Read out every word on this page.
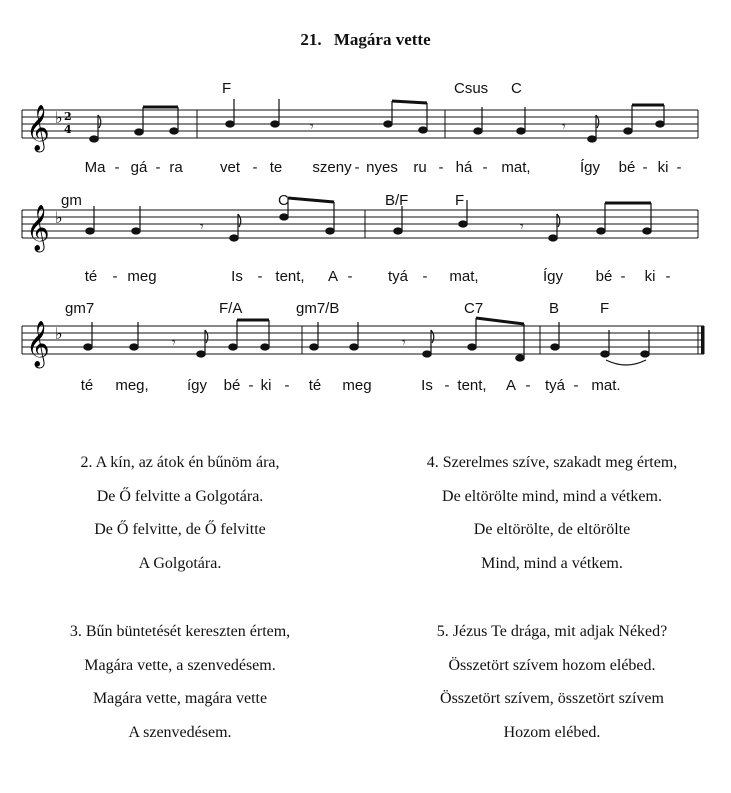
21. Magára vette
𝄞 ♭ 2
4	𝄾	𝄾
F	Csus C
Ma - gá - ra vet - te szeny - nyes ru - há - mat,	Így bé - ki -
𝄞 ♭
𝄾	𝄾
gm	C	B/F	F
té - meg	Is - tent, A - tyá - mat,	Így bé - ki -
𝄞 ♭
𝄾	𝄾
gm7	F/A	gm7/B	C7	B	F
té meg,	így bé - ki - té meg	Is - tent, A - tyá - mat.
2. A kín, az átok én bűnöm ára,
De Ő felvitte a Golgotára.
De Ő felvitte, de Ő felvitte
A Golgotára.
4. Szerelmes szíve, szakadt meg értem,
De eltörölte mind, mind a vétkem.
De eltörölte, de eltörölte
Mind, mind a vétkem.
3. Bűn büntetését kereszten értem,
Magára vette, a szenvedésem.
Magára vette, magára vette
A szenvedésem.
5. Jézus Te drága, mit adjak Néked?
Összetört szívem hozom elébed.
Összetört szívem, összetört szívem
Hozom elébed.
